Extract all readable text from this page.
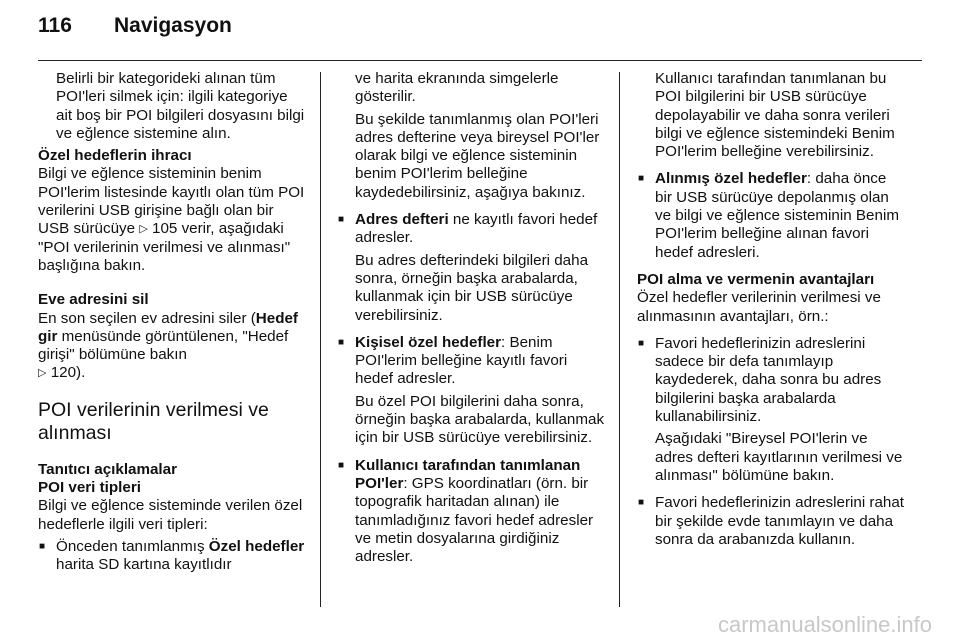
116 Navigasyon

Belirli bir kategorideki alınan tüm POI'leri silmek için: ilgili kategoriye ait boş bir POI bilgileri dosyasını bilgi ve eğlence sistemine alın.

Özel hedeflerin ihracı

Bilgi ve eğlence sisteminin benim POI'lerim listesinde kayıtlı olan tüm POI verilerini USB girişine bağlı olan bir USB sürücüye ▷ 105 verir, aşağıdaki "POI verilerinin verilmesi ve alınması" başlığına bakın.

Eve adresini sil

En son seçilen ev adresini siler (Hedef gir menüsünde görüntülenen, "Hedef girişi" bölümüne bakın
▷ 120).

POI verilerinin verilmesi ve alınması

Tanıtıcı açıklamalar

POI veri tipleri

Bilgi ve eğlence sisteminde verilen özel hedeflerle ilgili veri tipleri:

■ Önceden tanımlanmış Özel hedefler harita SD kartına kayıtlıdır

ve harita ekranında simgelerle gösterilir.

Bu şekilde tanımlanmış olan POI'leri adres defterine veya bireysel POI'ler olarak bilgi ve eğlence sisteminin benim POI'lerim belleğine kaydedebilirsiniz, aşağıya bakınız.

■ Adres defteri ne kayıtlı favori hedef adresler.

Bu adres defterindeki bilgileri daha sonra, örneğin başka arabalarda, kullanmak için bir USB sürücüye verebilirsiniz.

■ Kişisel özel hedefler: Benim POI'lerim belleğine kayıtlı favori hedef adresler.

Bu özel POI bilgilerini daha sonra, örneğin başka arabalarda, kullanmak için bir USB sürücüye verebilirsiniz.

■ Kullanıcı tarafından tanımlanan POI'ler: GPS koordinatları (örn. bir topografik haritadan alınan) ile tanımladığınız favori hedef adresler ve metin dosyalarına girdiğiniz adresler.

Kullanıcı tarafından tanımlanan bu POI bilgilerini bir USB sürücüye depolayabilir ve daha sonra verileri bilgi ve eğlence sistemindeki Benim POI'lerim belleğine verebilirsiniz.

■ Alınmış özel hedefler: daha önce bir USB sürücüye depolanmış olan ve bilgi ve eğlence sisteminin Benim POI'lerim belleğine alınan favori hedef adresleri.

POI alma ve vermenin avantajları

Özel hedefler verilerinin verilmesi ve alınmasının avantajları, örn.:

■ Favori hedeflerinizin adreslerini sadece bir defa tanımlayıp kaydederek, daha sonra bu adres bilgilerini başka arabalarda kullanabilirsiniz.

Aşağıdaki "Bireysel POI'lerin ve adres defteri kayıtlarının verilmesi ve alınması" bölümüne bakın.

■ Favori hedeflerinizin adreslerini rahat bir şekilde evde tanımlayın ve daha sonra da arabanızda kullanın.
carmanualsonline.info
